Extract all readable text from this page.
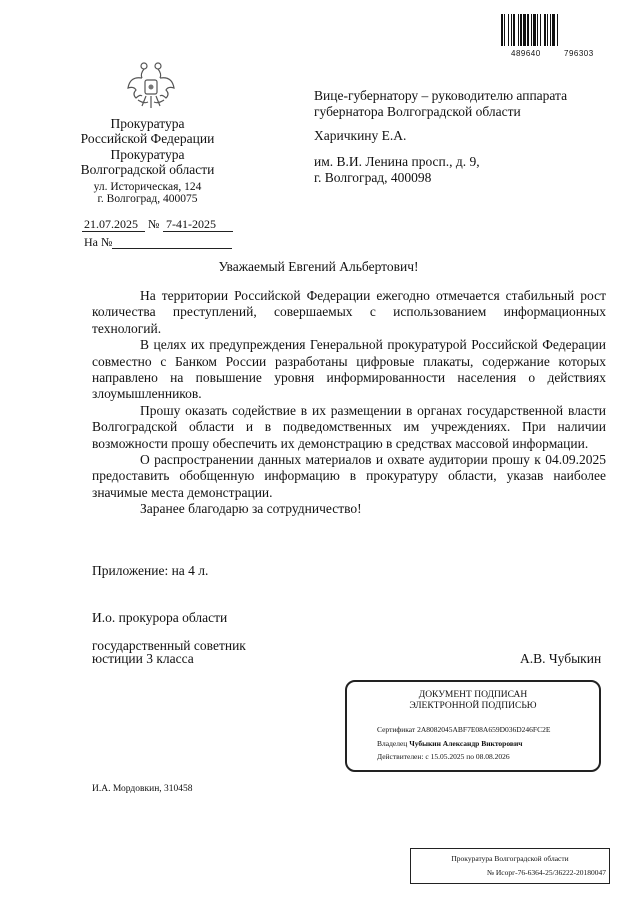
489640	796303
Прокуратура
Российской Федерации
Прокуратура
Волгоградской области
ул. Историческая, 124
г. Волгоград, 400075
21.07.2025 № 7-41-2025
На №
Вице-губернатору – руководителю аппарата
губернатора Волгоградской области
Харичкину Е.А.
им. В.И. Ленина просп., д. 9,
г. Волгоград, 400098
Уважаемый Евгений Альбертович!

На территории Российской Федерации ежегодно отмечается стабильный рост количества преступлений, совершаемых с использованием информационных технологий.

В целях их предупреждения Генеральной прокуратурой Российской Федерации совместно с Банком России разработаны цифровые плакаты, содержание которых направлено на повышение уровня информированности населения о действиях злоумышленников.

Прошу оказать содействие в их размещении в органах государственной власти Волгоградской области и в подведомственных им учреждениях. При наличии возможности прошу обеспечить их демонстрацию в средствах массовой информации.

О распространении данных материалов и охвате аудитории прошу к 04.09.2025 предоставить обобщенную информацию в прокуратуру области, указав наиболее значимые места демонстрации.

Заранее благодарю за сотрудничество!

Приложение: на 4 л.
И.о. прокурора области
государственный советник
юстиции 3 класса	А.В. Чубыкин
ДОКУМЕНТ ПОДПИСАН
ЭЛЕКТРОННОЙ ПОДПИСЬЮ
Сертификат 2A8082045ABF7E08A659D036D246FC2E
Владелец Чубыкин Александр Викторович
Действителен: с 15.05.2025 по 08.08.2026
И.А. Мордовкин, 310458
Прокуратура Волгоградской области
№ Исорг-76-6364-25/36222-20180047
